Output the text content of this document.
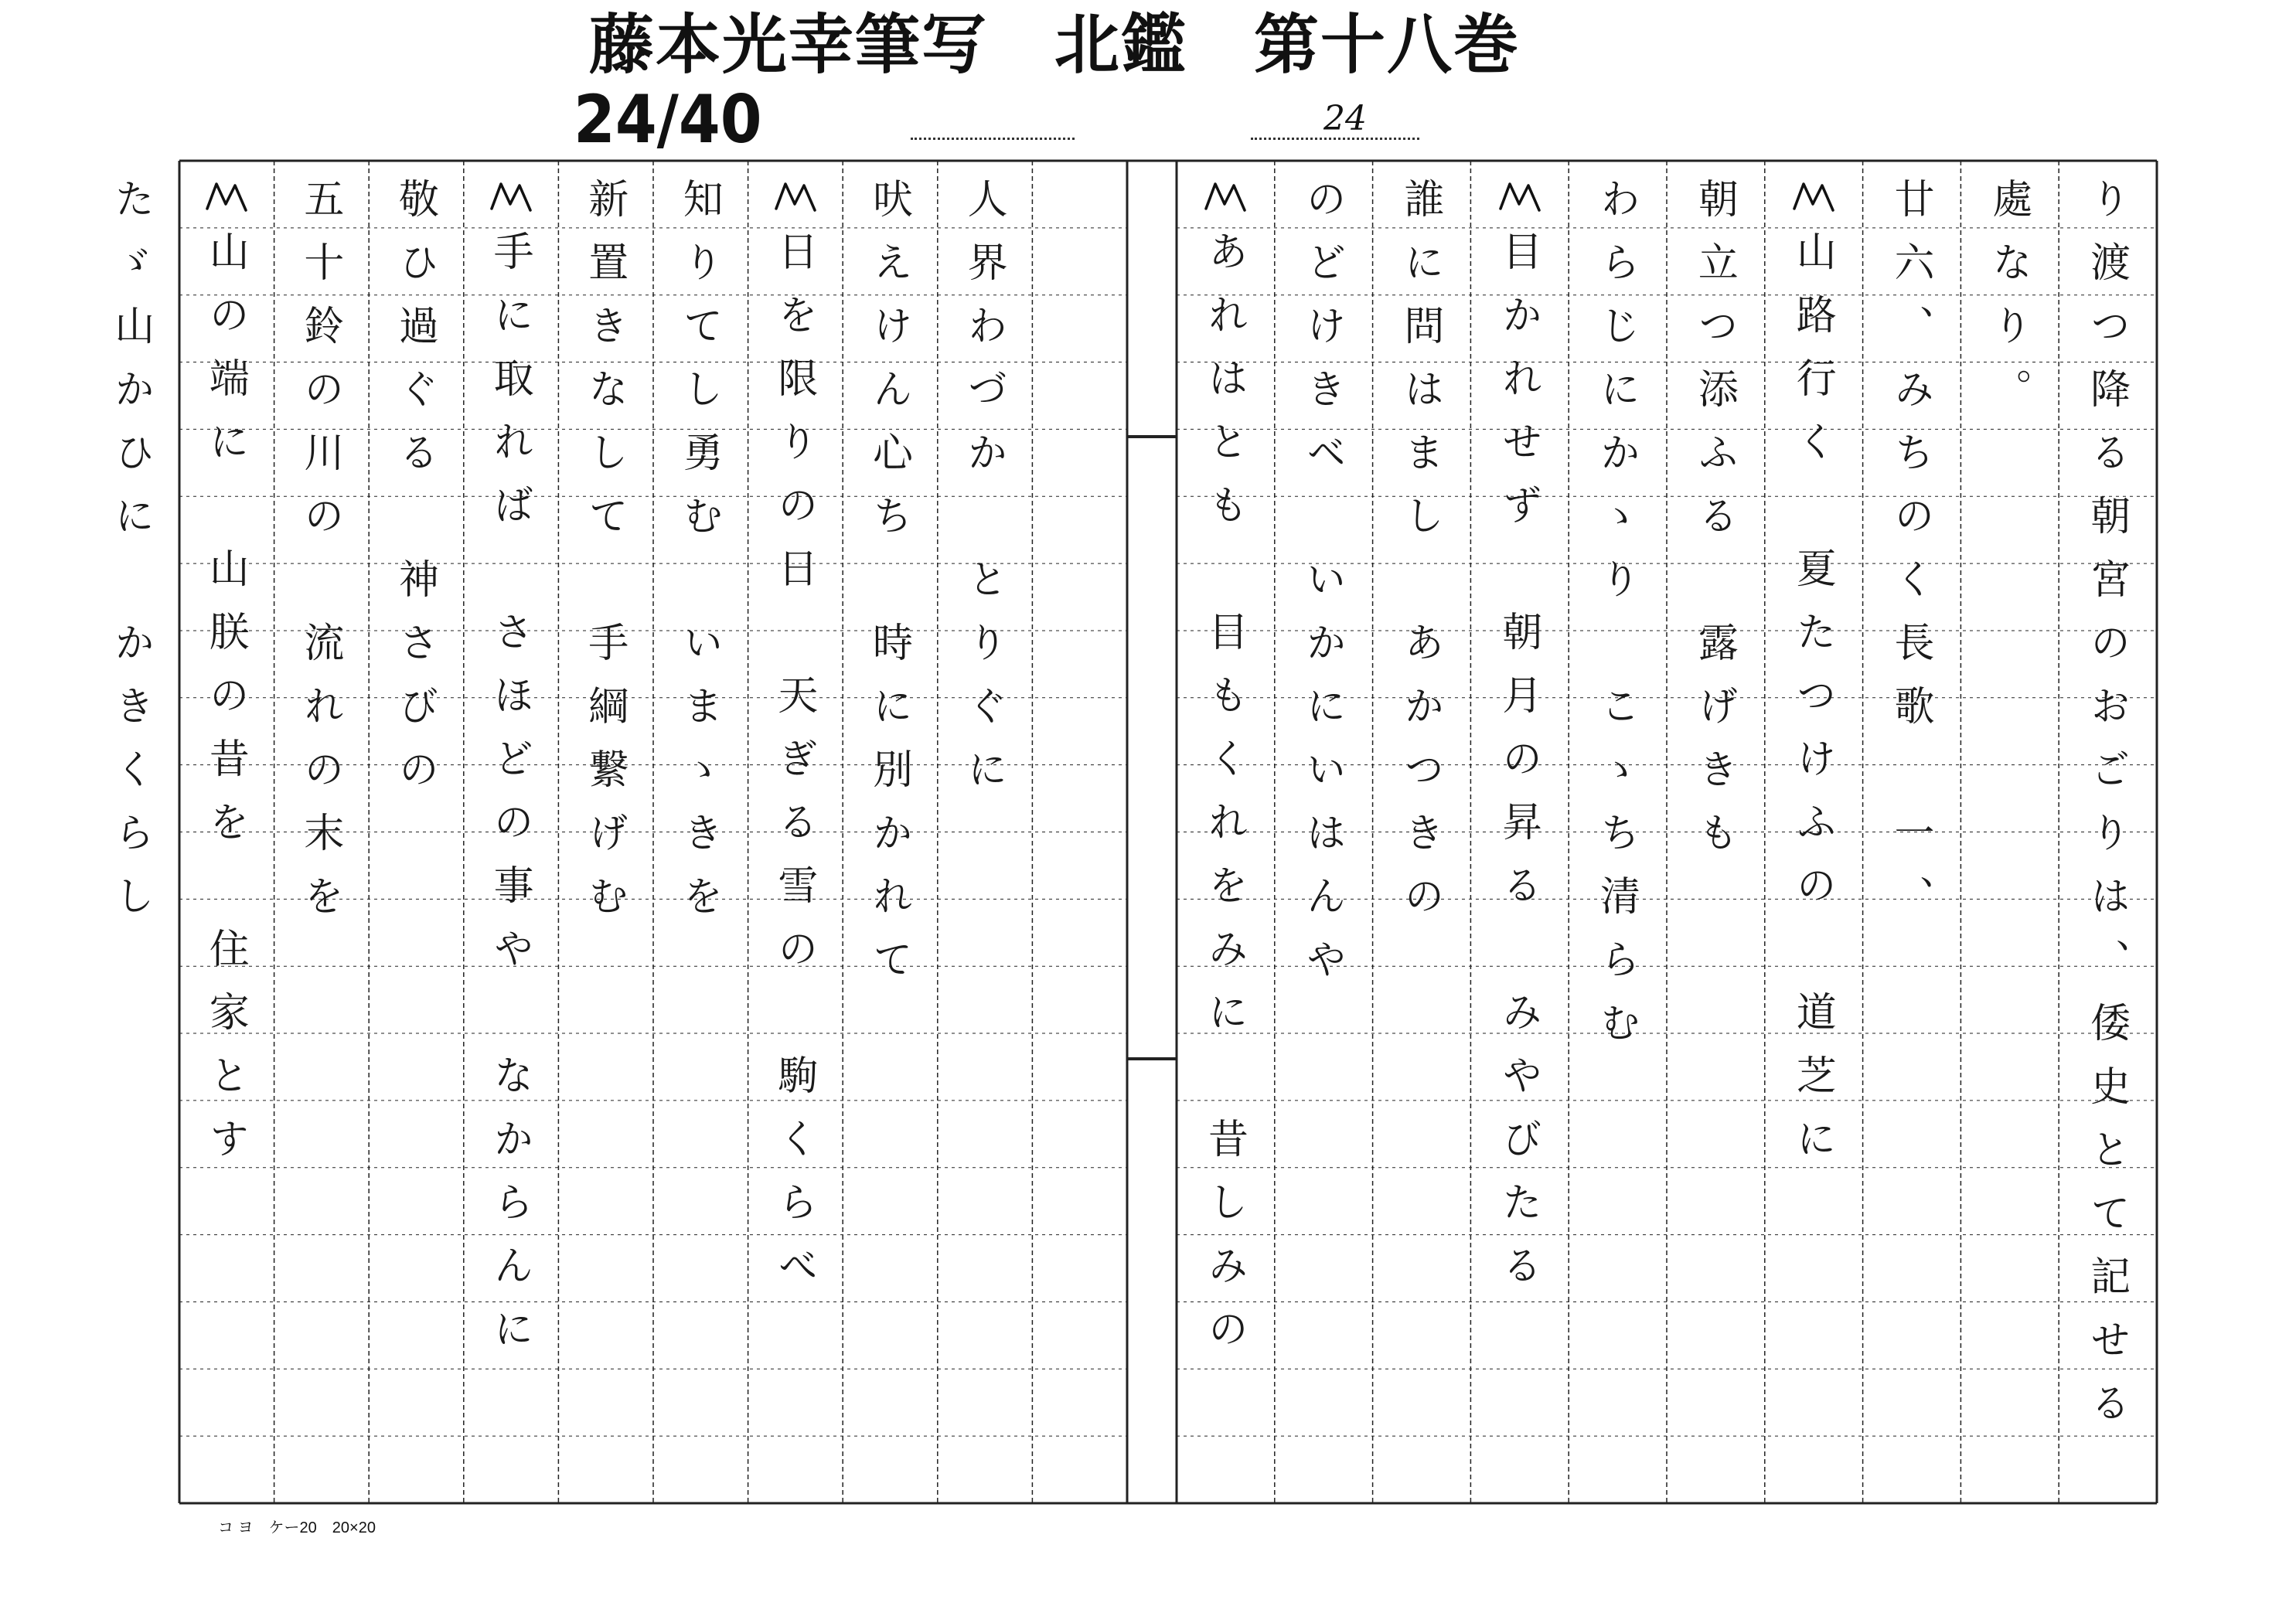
藤本光幸筆写　北鑑　第十八巻
24/40	24
り渡つ降る朝宮のおごりは、倭史とて記せる
處なり。
廿六、みちのく長歌　一、
山路行く　夏たつけふの　道芝に
朝立つ添ふる　露げきも
わらじにかゝり　こゝち清らむ
目かれせず　朝月の昇る　みやびたる
誰に問はまし　あかつきの
のどけきベ　いかにいはんや
あれはとも　目もくれをみに　昔しみの
人界わづか　とりぐに
吠えけん心ち　時に別かれて
日を限りの日　天ぎる雪の　駒くらべ
知りてし勇む　いまゝきを
新置きなして　手綱繋げむ
手に取れば　さほどの事や　なからんに
敬ひ過ぐる　神さびの
五十鈴の川の　流れの末を
山の端に　山朕の昔を　住家とす
たゞ山かひに　かきくらし
コ ヨ　ケー20　20×20
